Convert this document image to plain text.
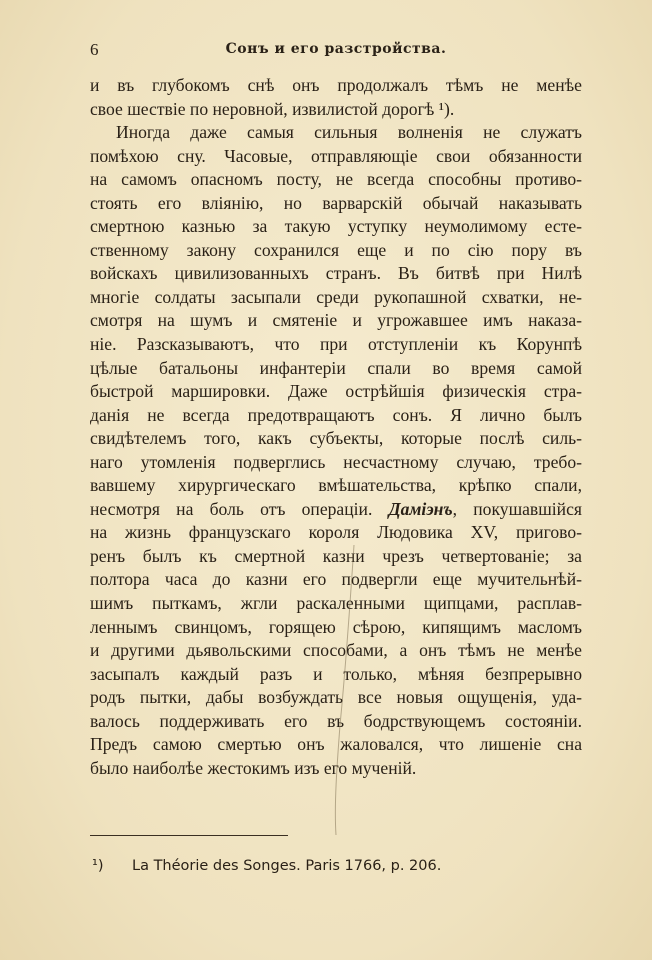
6	Сонъ и его разстройства.
и въ глубокомъ снѣ онъ продолжалъ тѣмъ не менѣе
свое шествіе по неровной, извилистой дорогѣ ¹).
Иногда даже самыя сильныя волненія не служатъ
помѣхою сну. Часовые, отправляющіе свои обязанности
на самомъ опасномъ посту, не всегда способны противо-
стоять его вліянію, но варварскій обычай наказывать
смертною казнью за такую уступку неумолимому есте-
ственному закону сохранился еще и по сію пору въ
войскахъ цивилизованныхъ странъ. Въ битвѣ при Нилѣ
многіе солдаты засыпали среди рукопашной схватки, не-
смотря на шумъ и смятеніе и угрожавшее имъ наказа-
ніе. Разсказываютъ, что при отступленіи къ Корунпѣ
цѣлые батальоны инфантеріи спали во время самой
быстрой маршировки. Даже острѣйшія физическія стра-
данія не всегда предотвращаютъ сонъ. Я лично былъ
свидѣтелемъ того, какъ субъекты, которые послѣ силь-
наго утомленія подверглись несчастному случаю, требо-
вавшему хирургическаго вмѣшательства, крѣпко спали,
несмотря на боль отъ операціи. Даміэнъ, покушавшійся
на жизнь французскаго короля Людовика XV, пригово-
ренъ былъ къ смертной казни чрезъ четвертованіе; за
полтора часа до казни его подвергли еще мучительнѣй-
шимъ пыткамъ, жгли раскаленными щипцами, расплав-
леннымъ свинцомъ, горящею сѣрою, кипящимъ масломъ
и другими дьявольскими способами, а онъ тѣмъ не менѣе
засыпалъ каждый разъ и только, мѣняя безпрерывно
родъ пытки, дабы возбуждать все новыя ощущенія, уда-
валось поддерживать его въ бодрствующемъ состояніи.
Предъ самою смертью онъ жаловался, что лишеніе сна
было наиболѣе жестокимъ изъ его мученій.
¹) La Théorie des Songes. Paris 1766, p. 206.
